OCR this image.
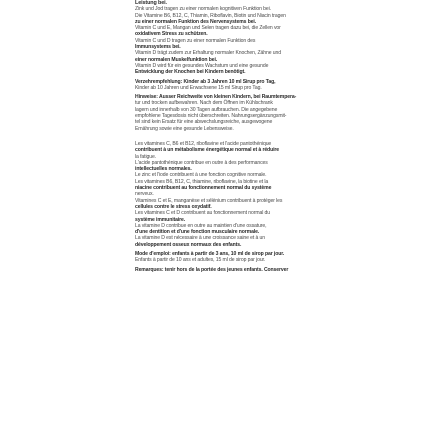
Leistung bei.
Zink und Jod tragen zu einer normalen kognitiven Funktion bei.
Die Vitamine B6, B12, C, Thiamin, Riboflavin, Biotin und Niacin tragen
zu einer normalen Funktion des Nervensystems bei.
Vitamin C und E, Mangan und Selen tragen dazu bei, die Zellen vor
oxidativem Stress zu schützen.
Vitamin C und D tragen zu einer normalen Funktion des
Immunsystems bei.
Vitamin D trägt zudem zur Erhaltung normaler Knochen, Zähne und
einer normalen Muskelfunktion bei.
Vitamin D wird für ein gesundes Wachstum und eine gesunde
Entwicklung der Knochen bei Kindern benötigt.
Verzehrempfehlung: Kinder ab 3 Jahren 10 ml Sirup pro Tag,
Kinder ab 10 Jahren und Erwachsene 15 ml Sirup pro Tag.
Hinweise: Ausser Reichweite von kleinen Kindern, bei Raumtempera-
tur und trocken aufbewahren. Nach dem Öffnen im Kühlschrank
lagern und innerhalb von 30 Tagen aufbrauchen. Die angegebene
empfohlene Tagesdosis nicht überschreiten. Nahrungsergänzungsmit-
tel sind kein Ersatz für eine abwechslungsreiche, ausgewogene
Ernährung sowie eine gesunde Lebensweise.
Les vitamines C, B6 et B12, riboflavine et l'acide pantothénique
contribuent à un métabolisme énergétique normal et à réduire
la fatigue.
L'acide pantothénique contribue en outre à des performances
intellectuelles normales.
Le zinc et l'iode contribuent à une fonction cognitive normale.
Les vitamines B6, B12, C, thiamine, riboflavine, la biotine et la
niacine contribuent au fonctionnement normal du système
nerveux.
Vitamines C et E, manganèse et sélénium contribuent à protéger les
cellules contre le stress oxydatif.
Les vitamines C et D contribuent au fonctionnement normal du
système immunitaire.
La vitamine D contribue en outre au maintien d'une ossature,
d'une dentition et d'une fonction musculaire normale.
La vitamine D est nécessaire à une croissance saine et à un
développement osseux normaux des enfants.
Mode d'emploi: enfants à partir de 3 ans, 10 ml de sirop par jour.
Enfants à partir de 10 ans et adultes, 15 ml de sirop par jour.
Remarques: tenir hors de la portée des jeunes enfants. Conserver
